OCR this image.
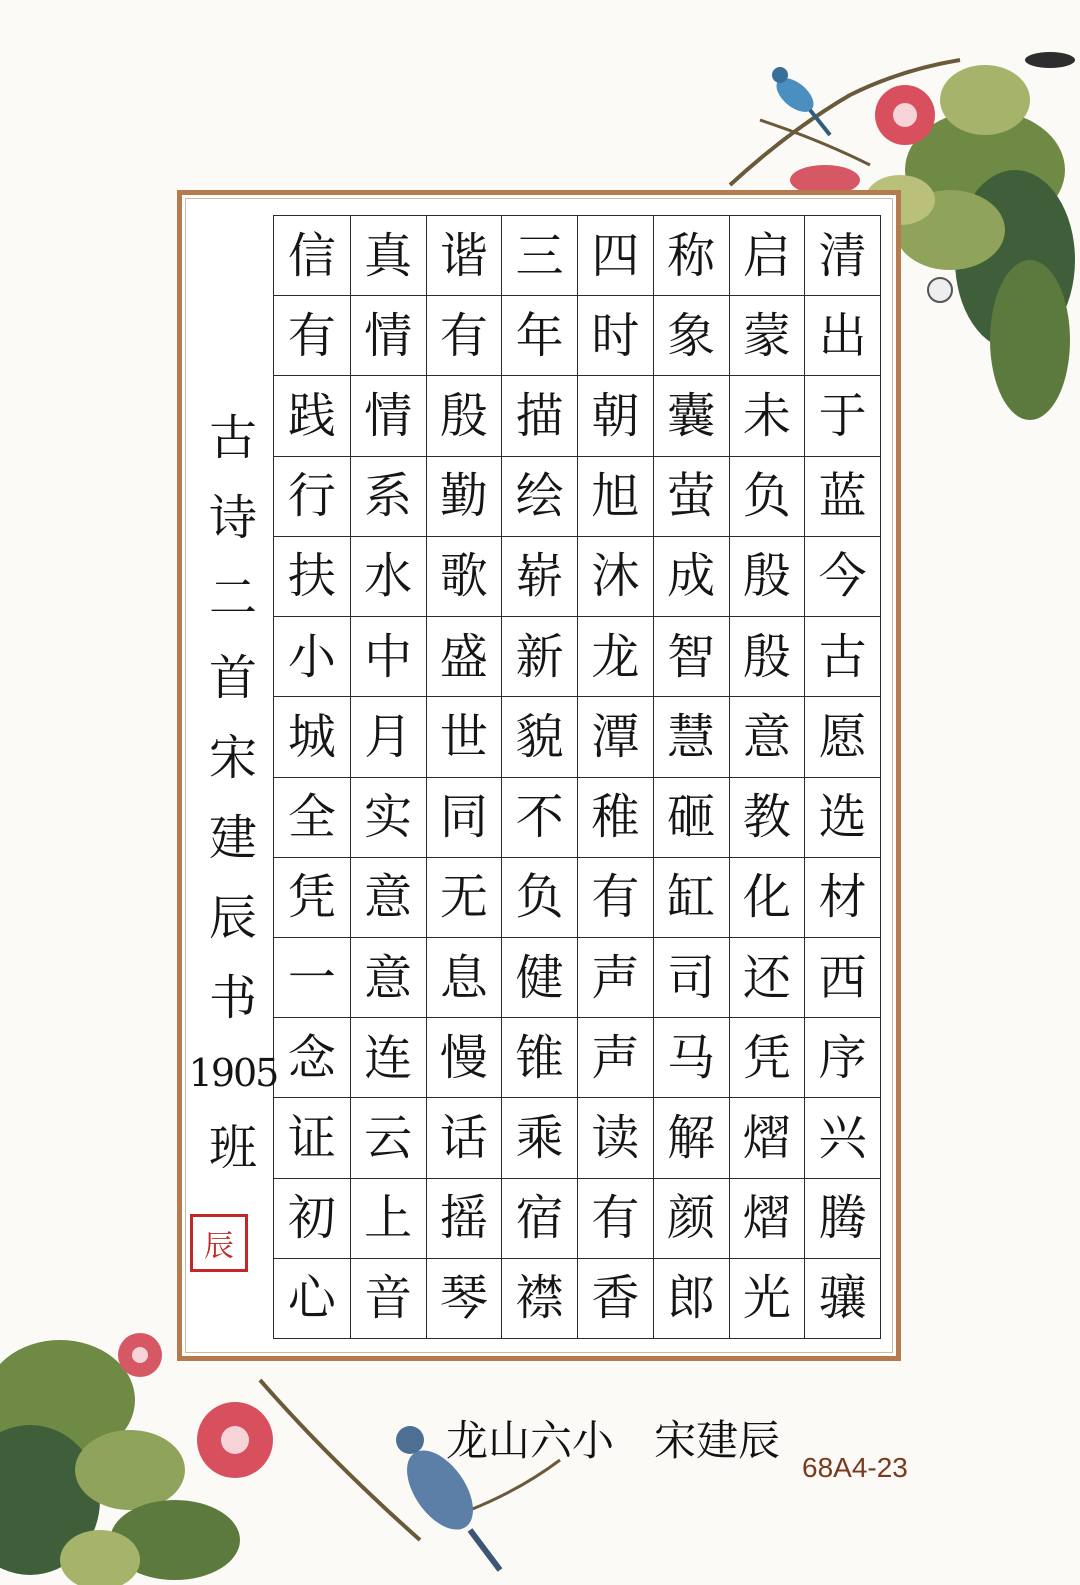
清
出
于
蓝
今
古
愿
选
材
西
序
兴
腾
骧
启
蒙
未
负
殷
殷
意
教
化
还
凭
熠
熠
光
称
象
囊
萤
成
智
慧
砸
缸
司
马
解
颜
郎
四
时
朝
旭
沐
龙
潭
稚
有
声
声
读
有
香
三
年
描
绘
崭
新
貌
不
负
健
锥
乘
宿
襟
谐
有
殷
勤
歌
盛
世
同
无
息
慢
话
摇
琴
真
情
情
系
水
中
月
实
意
意
连
云
上
音
信
有
践
行
扶
小
城
全
凭
一
念
证
初
心
古
诗
二
首
宋
建
辰
书
1905
班
辰
龙山六小 宋建辰
68A4-23
